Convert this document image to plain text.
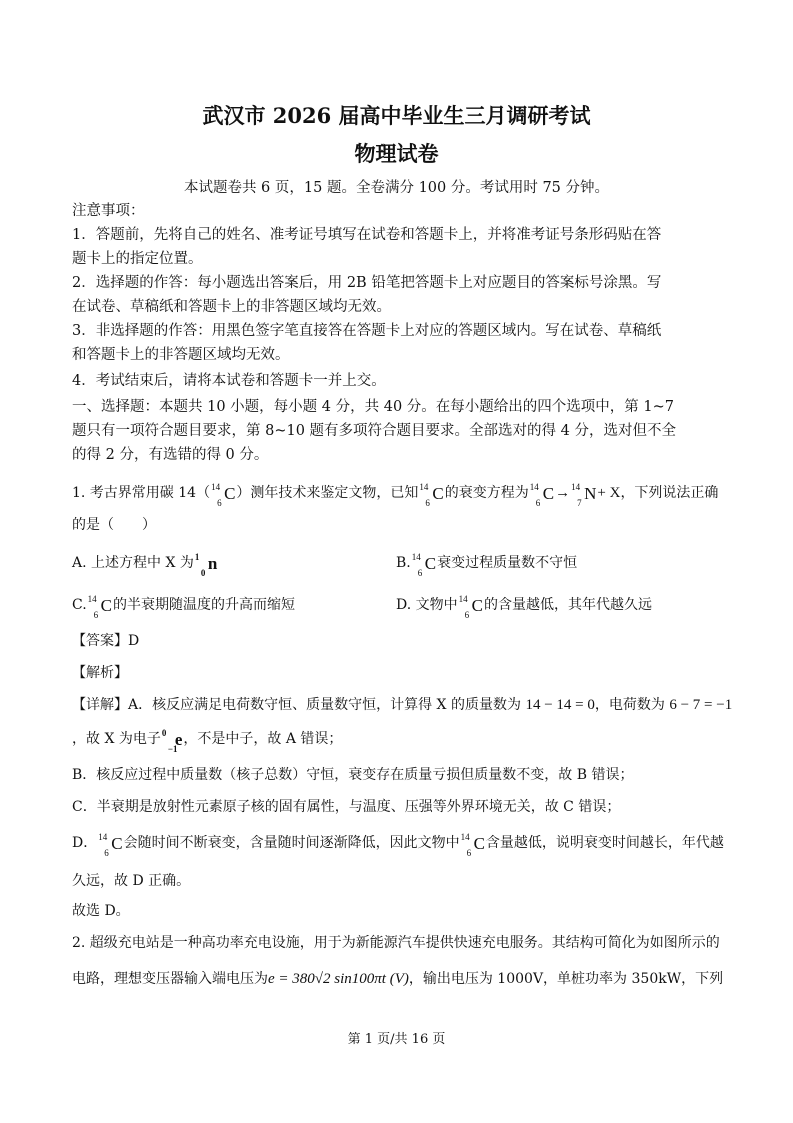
武汉市 2026 届高中毕业生三月调研考试
物理试卷
本试题卷共 6 页，15 题。全卷满分 100 分。考试用时 75 分钟。
注意事项：
1．答题前，先将自己的姓名、准考证号填写在试卷和答题卡上，并将准考证号条形码贴在答
题卡上的指定位置。
2．选择题的作答：每小题选出答案后，用 2B 铅笔把答题卡上对应题目的答案标号涂黑。写
在试卷、草稿纸和答题卡上的非答题区域均无效。
3．非选择题的作答：用黑色签字笔直接答在答题卡上对应的答题区域内。写在试卷、草稿纸
和答题卡上的非答题区域均无效。
4．考试结束后，请将本试卷和答题卡一并上交。
一、选择题：本题共 10 小题，每小题 4 分，共 40 分。在每小题给出的四个选项中，第 1~7
题只有一项符合题目要求，第 8~10 题有多项符合题目要求。全部选对的得 4 分，选对但不全
的得 2 分，有选错的得 0 分。
1. 考古界常用碳 14（ 14
6 C）测年技术来鉴定文物，已知 14
6 C的衰变方程为 14
6 C→ 14
7 N+ X，下列说法正确
的是（　　）
A. 上述方程中 X 为 1
0 n	B. 14
6 C衰变过程质量数不守恒
C. 14
6 C的半衰期随温度的升高而缩短	D. 文物中 14
6 C的含量越低，其年代越久远
【答案】D
【解析】
【详解】A．核反应满足电荷数守恒、质量数守恒，计算得 X 的质量数为 14 − 14 = 0，电荷数为 6 − 7 = −1
，故 X 为电子 0
−1
e，不是中子，故 A 错误；
B．核反应过程中质量数（核子总数）守恒，衰变存在质量亏损但质量数不变，故 B 错误；
C．半衰期是放射性元素原子核的固有属性，与温度、压强等外界环境无关，故 C 错误；
D． 14
6 C会随时间不断衰变，含量随时间逐渐降低，因此文物中 14
6 C含量越低，说明衰变时间越长，年代越
久远，故 D 正确。
故选 D。
2. 超级充电站是一种高功率充电设施，用于为新能源汽车提供快速充电服务。其结构可简化为如图所示的
电路，理想变压器输入端电压为e = 380√2 sin100πt (V)，输出电压为 1000V，单桩功率为 350kW，下列
第 1 页/共 16 页
